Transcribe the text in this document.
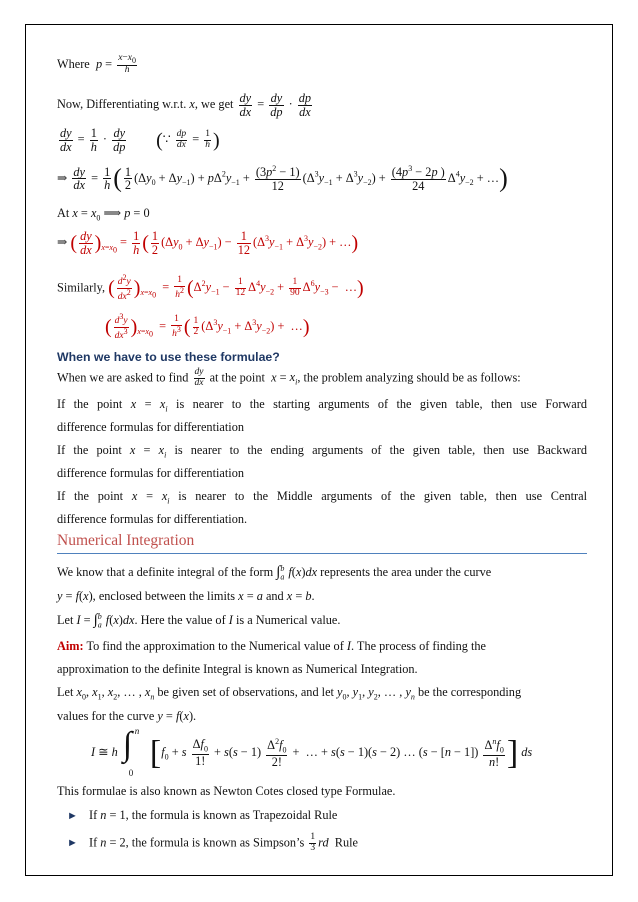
Where $p = \frac{x-x_0}{h}$
Now, Differentiating w.r.t. x, we get $\frac{dy}{dx} = \frac{dy}{dp} \cdot \frac{dp}{dx}$
$\frac{dy}{dx} = \frac{1}{h} \cdot \frac{dy}{dp}$ (∵ $\frac{dp}{dx} = \frac{1}{h}$ )
⇒ $\frac{dy}{dx} = \frac{1}{h}$ ( $\frac{1}{2} (\Delta y_0 + \Delta y_{-1}) + p\Delta^2y_{-1} + \frac{(3p^2 - 1)}{12} (\Delta^3y_{-1} + \Delta^3y_{-2}) + \frac{(4p^3 - 2p )}{24} \Delta^4y_{-2}$ + …)
At $x = x_0$ ⟹ p = 0
⇒ ( $\frac{dy}{dx} )_{x=x_0} = \frac{1}{h}$ ( $\frac{1}{2} (\Delta y_0 + \Delta y_{-1}) - \frac{1}{12} (\Delta^3y_{-1} + \Delta^3y_{-2})$ + …)
Similarly, ( $\frac{d^2y}{dx^2} )_{x=x_0} = \frac{1}{h^2} (\Delta^2y_{-1} - \frac{1}{12} \Delta^4y_{-2} + \frac{1}{90} \Delta^6y_{-3}$ −  …)
( $\frac{d^3y}{dx^3} )_{x=x_0} = \frac{1}{h^3}$ ( $\frac{1}{2} (\Delta^3y_{-1} + \Delta^3y_{-2})$ +  …)
When we have to use these formulae?
When we are asked to find $\frac{dy}{dx}$ at the point $x = x_i$, the problem analyzing should be as follows:
If the point $x = x_i$ is nearer to the starting arguments of the given table, then use Forward
difference formulas for differentiation
If the point $x = x_i$ is nearer to the ending arguments of the given table, then use Backward
difference formulas for differentiation
If the point $x = x_i$ is nearer to the Middle arguments of the given table, then use Central
difference formulas for differentiation.
Numerical Integration
We know that a definite integral of the form $\int_a^b$ f(x)dx represents the area under the curve
y = f(x), enclosed between the limits x = a and x = b.
Let $I = \int_a^b$ f(x)dx. Here the value of I is a Numerical value.
Aim: To find the approximation to the Numerical value of I. The process of finding the
approximation to the definite Integral is known as Numerical Integration.
Let $x_0$, $x_1$, $x_2$, … , $x_n$ be given set of observations, and let $y_0$, $y_1$, $y_2$, … , $y_n$ be the corresponding
values for the curve y = f(x).
I ≅ h ∫ n
0
[$f_0 + s \frac{\Delta f_0}{1!} + s(s - 1) \frac{\Delta^2f_0}{2!}$ +  … + s(s − 1)(s − 2) … $(s - [n - 1]) \frac{\Delta^nf_0}{n!}$ ] ds
This formulae is also known as Newton Cotes closed type Formulae.
► If n = 1, the formula is known as Trapezoidal Rule
► If n = 2, the formula is known as Simpson’s $\frac{1}{3}$ rd Rule
